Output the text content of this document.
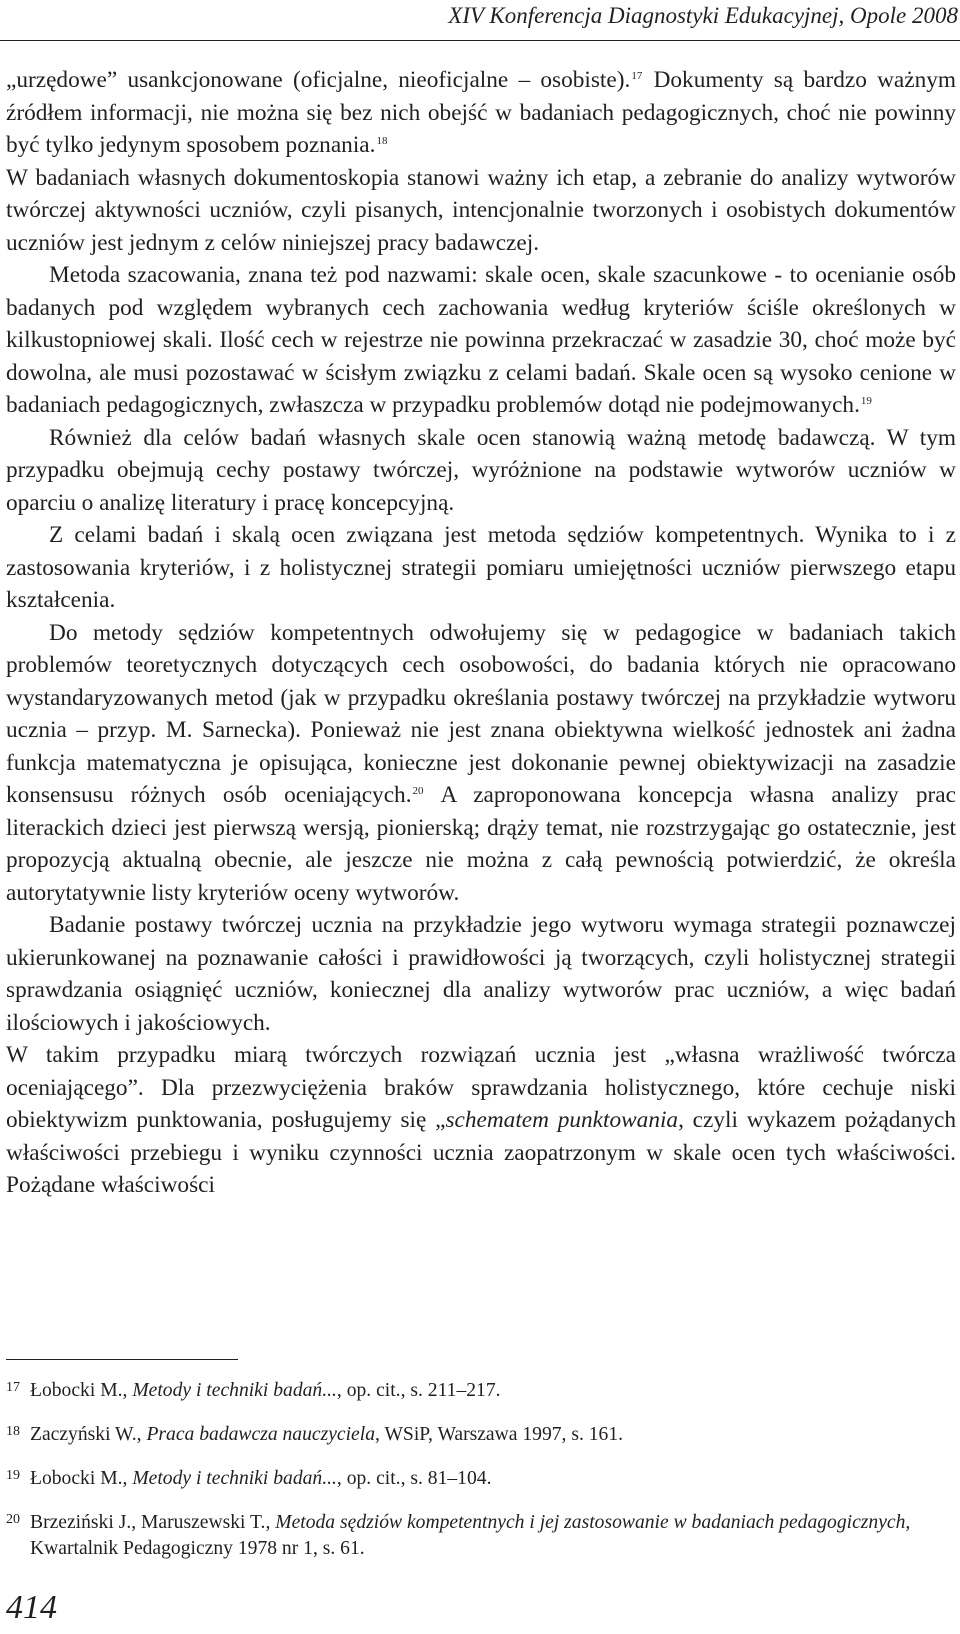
XIV Konferencja Diagnostyki Edukacyjnej, Opole 2008

„urzędowe” usankcjonowane (oficjalne, nieoficjalne – osobiste).$^{17}$ Dokumenty są bardzo ważnym źródłem informacji, nie można się bez nich obejść w badaniach pedagogicznych, choć nie powinny być tylko jedynym sposobem poznania.$^{18}$

W badaniach własnych dokumentoskopia stanowi ważny ich etap, a zebranie do analizy wytworów twórczej aktywności uczniów, czyli pisanych, intencjonalnie tworzonych i osobistych dokumentów uczniów jest jednym z celów niniejszej pracy badawczej.

Metoda szacowania, znana też pod nazwami: skale ocen, skale szacunkowe - to ocenianie osób badanych pod względem wybranych cech zachowania według kryteriów ściśle określonych w kilkustopniowej skali. Ilość cech w rejestrze nie powinna przekraczać w zasadzie 30, choć może być dowolna, ale musi pozostawać w ścisłym związku z celami badań. Skale ocen są wysoko cenione w badaniach pedagogicznych, zwłaszcza w przypadku problemów dotąd nie podejmowanych.$^{19}$

Również dla celów badań własnych skale ocen stanowią ważną metodę badawczą. W tym przypadku obejmują cechy postawy twórczej, wyróżnione na podstawie wytworów uczniów w oparciu o analizę literatury i pracę koncepcyjną.

Z celami badań i skalą ocen związana jest metoda sędziów kompetentnych. Wynika to i z zastosowania kryteriów, i z holistycznej strategii pomiaru umiejętności uczniów pierwszego etapu kształcenia.

Do metody sędziów kompetentnych odwołujemy się w pedagogice w badaniach takich problemów teoretycznych dotyczących cech osobowości, do badania których nie opracowano wystandaryzowanych metod (jak w przypadku określania postawy twórczej na przykładzie wytworu ucznia – przyp. M. Sarnecka). Ponieważ nie jest znana obiektywna wielkość jednostek ani żadna funkcja matematyczna je opisująca, konieczne jest dokonanie pewnej obiektywizacji na zasadzie konsensusu różnych osób oceniających.$^{20}$ A zaproponowana koncepcja własna analizy prac literackich dzieci jest pierwszą wersją, pionierską; drąży temat, nie rozstrzygając go ostatecznie, jest propozycją aktualną obecnie, ale jeszcze nie można z całą pewnością potwierdzić, że określa autorytatywnie listy kryteriów oceny wytworów.

Badanie postawy twórczej ucznia na przykładzie jego wytworu wymaga strategii poznawczej ukierunkowanej na poznawanie całości i prawidłowości ją tworzących, czyli holistycznej strategii sprawdzania osiągnięć uczniów, koniecznej dla analizy wytworów prac uczniów, a więc badań ilościowych i jakościowych.

W takim przypadku miarą twórczych rozwiązań ucznia jest „własna wrażliwość twórcza oceniającego”. Dla przezwyciężenia braków sprawdzania holistycznego, które cechuje niski obiektywizm punktowania, posługujemy się „schematem punktowania, czyli wykazem pożądanych właściwości przebiegu i wyniku czynności ucznia zaopatrzonym w skale ocen tych właściwości. Pożądane właściwości

17 Łobocki M., Metody i techniki badań..., op. cit., s. 211–217.
18 Zaczyński W., Praca badawcza nauczyciela, WSiP, Warszawa 1997, s. 161.
19 Łobocki M., Metody i techniki badań..., op. cit., s. 81–104.
20 Brzeziński J., Maruszewski T., Metoda sędziów kompetentnych i jej zastosowanie w badaniach pedagogicznych, Kwartalnik Pedagogiczny 1978 nr 1, s. 61.
414
